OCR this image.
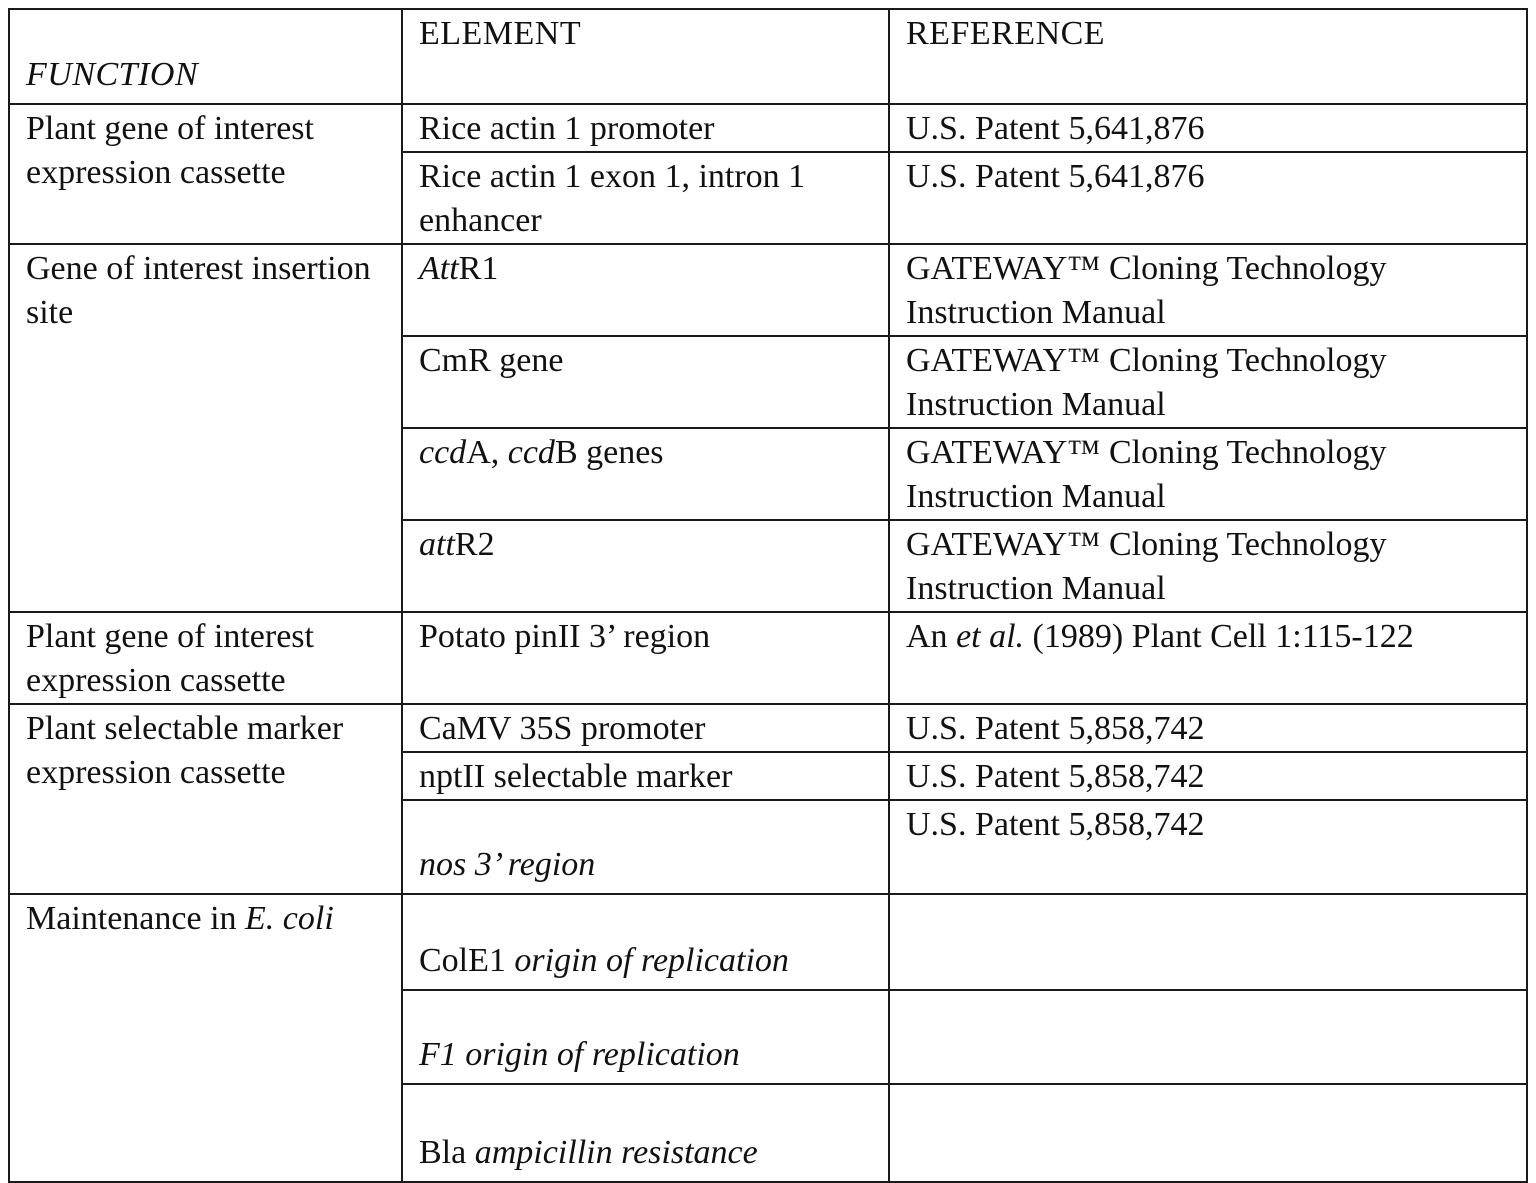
FUNCTION	ELEMENT	REFERENCE
Plant gene of interest expression cassette	Rice actin 1 promoter	U.S. Patent 5,641,876
	Rice actin 1 exon 1, intron 1 enhancer	U.S. Patent 5,641,876
Gene of interest insertion site	AttR1	GATEWAY™ Cloning Technology Instruction Manual
	CmR gene	GATEWAY™ Cloning Technology Instruction Manual
	ccdA, ccdB genes	GATEWAY™ Cloning Technology Instruction Manual
	attR2	GATEWAY™ Cloning Technology Instruction Manual
Plant gene of interest expression cassette	Potato pinII 3’ region	An et al. (1989) Plant Cell 1:115-122
Plant selectable marker expression cassette	CaMV 35S promoter	U.S. Patent 5,858,742
	nptII selectable marker	U.S. Patent 5,858,742
	nos 3’ region	U.S. Patent 5,858,742
Maintenance in E. coli	ColE1 origin of replication	
	F1 origin of replication	
	Bla ampicillin resistance	
